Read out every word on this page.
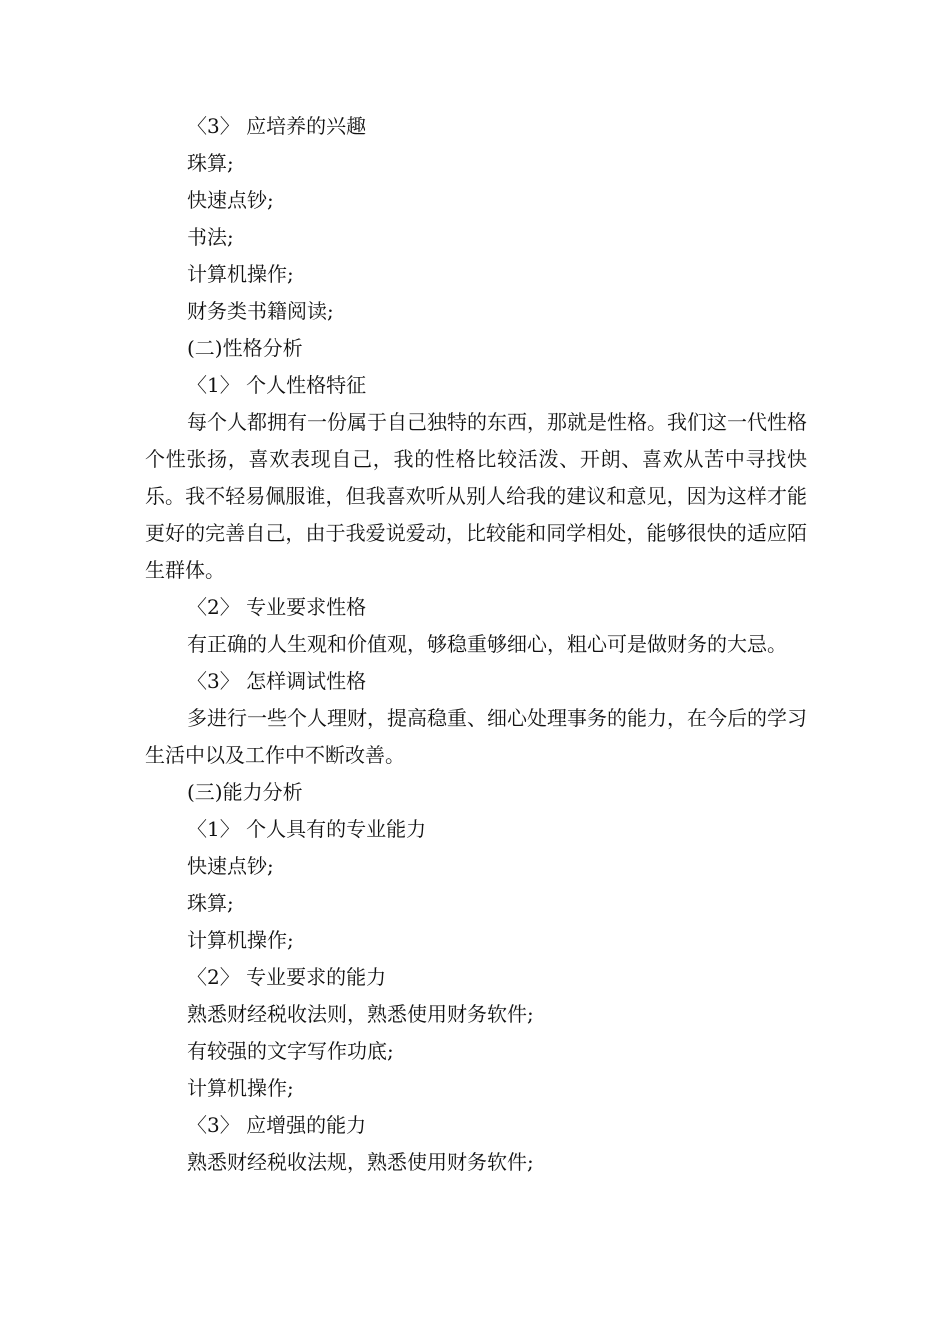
〈3〉 应培养的兴趣
珠算;
快速点钞;
书法;
计算机操作;
财务类书籍阅读;
(二)性格分析
〈1〉 个人性格特征

每个人都拥有一份属于自己独特的东西，那就是性格。我们这一代性格个性张扬，喜欢表现自己，我的性格比较活泼、开朗、喜欢从苦中寻找快乐。我不轻易佩服谁，但我喜欢听从别人给我的建议和意见，因为这样才能更好的完善自己，由于我爱说爱动，比较能和同学相处，能够很快的适应陌生群体。

〈2〉 专业要求性格

有正确的人生观和价值观，够稳重够细心，粗心可是做财务的大忌。

〈3〉 怎样调试性格

多进行一些个人理财，提高稳重、细心处理事务的能力，在今后的学习生活中以及工作中不断改善。

(三)能力分析
〈1〉 个人具有的专业能力
快速点钞;
珠算;
计算机操作;
〈2〉 专业要求的能力
熟悉财经税收法则，熟悉使用财务软件;
有较强的文字写作功底;
计算机操作;
〈3〉 应增强的能力
熟悉财经税收法规，熟悉使用财务软件;
